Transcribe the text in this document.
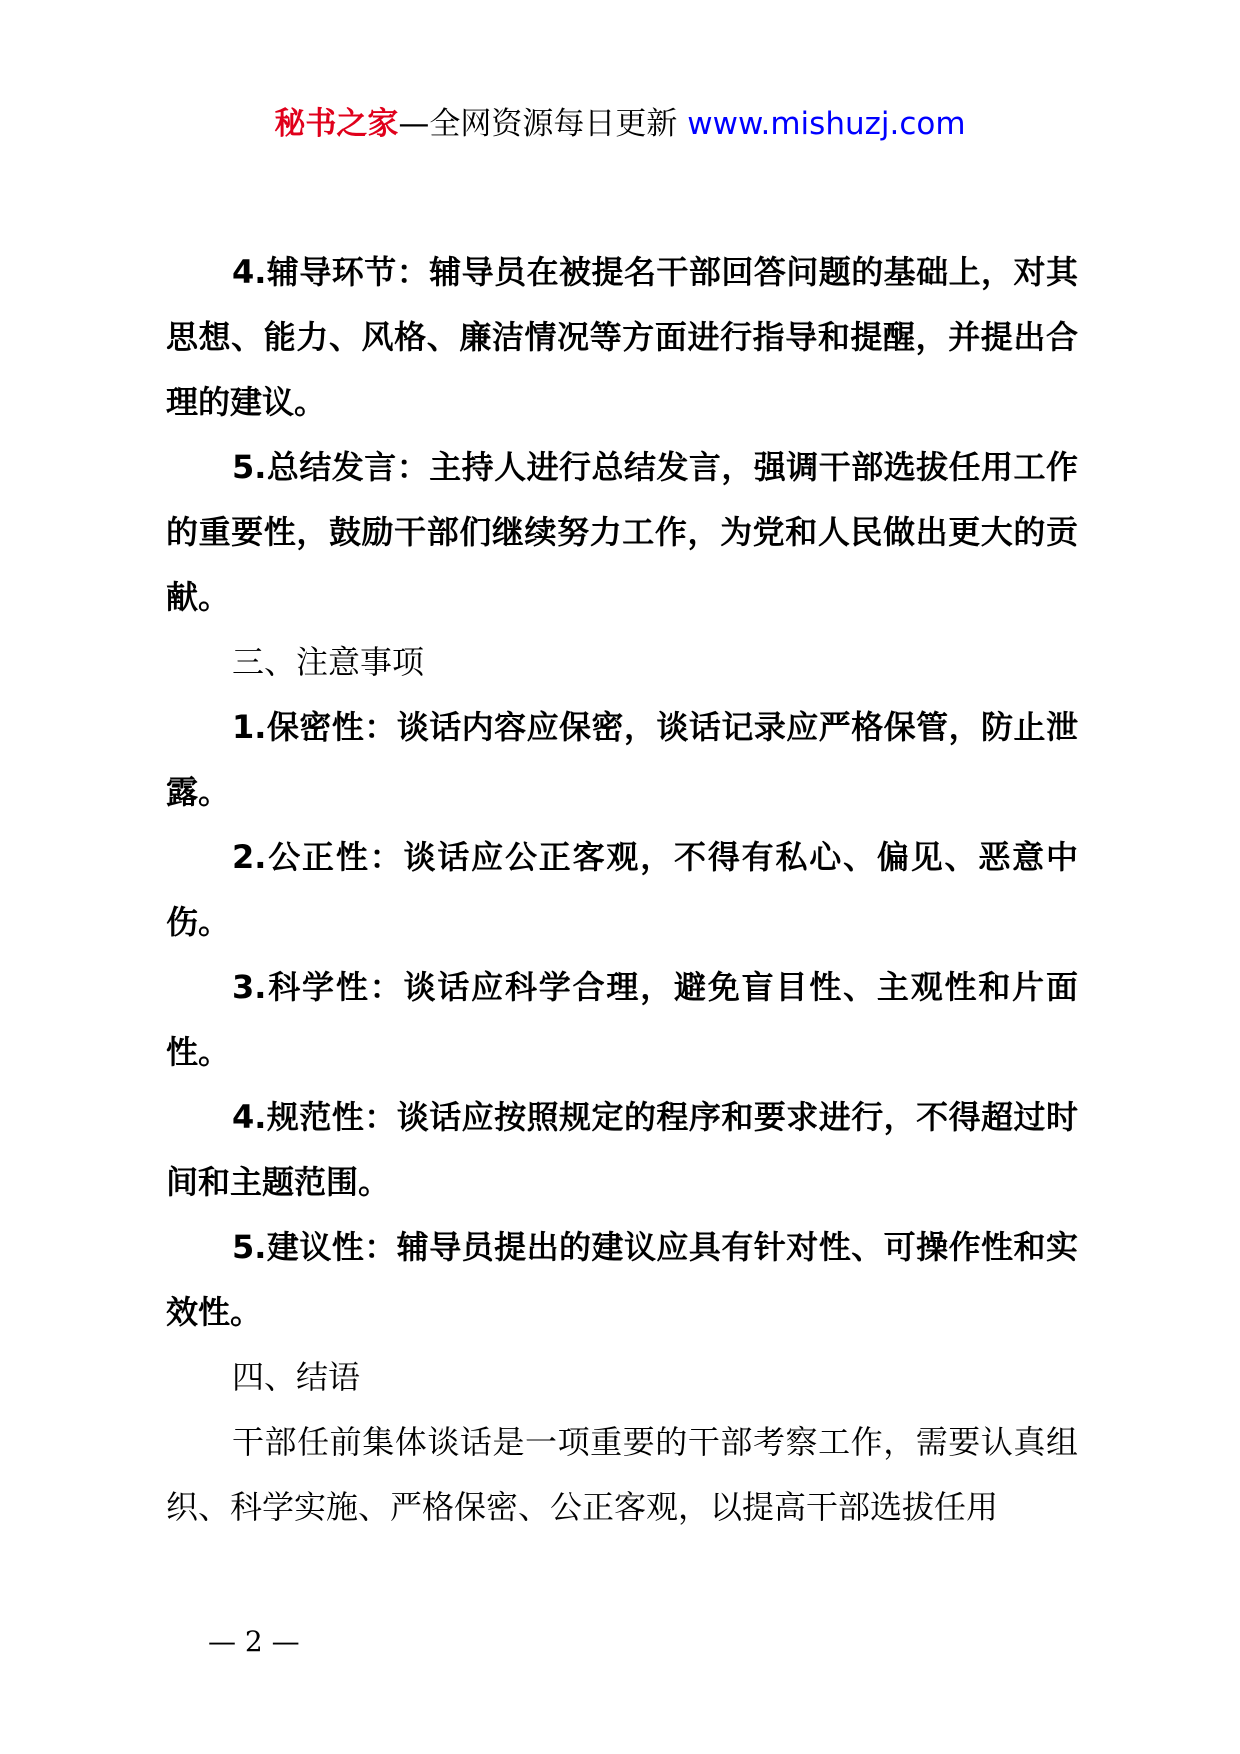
秘书之家—全网资源每日更新 www.mishuzj.com

4.辅导环节：辅导员在被提名干部回答问题的基础上，对其思想、能力、风格、廉洁情况等方面进行指导和提醒，并提出合理的建议。

5.总结发言：主持人进行总结发言，强调干部选拔任用工作的重要性，鼓励干部们继续努力工作，为党和人民做出更大的贡献。

三、注意事项

1.保密性：谈话内容应保密，谈话记录应严格保管，防止泄露。

2.公正性：谈话应公正客观，不得有私心、偏见、恶意中伤。

3.科学性：谈话应科学合理，避免盲目性、主观性和片面性。

4.规范性：谈话应按照规定的程序和要求进行，不得超过时间和主题范围。

5.建议性：辅导员提出的建议应具有针对性、可操作性和实效性。

四、结语

干部任前集体谈话是一项重要的干部考察工作，需要认真组织、科学实施、严格保密、公正客观，以提高干部选拔任用

— 2 —
